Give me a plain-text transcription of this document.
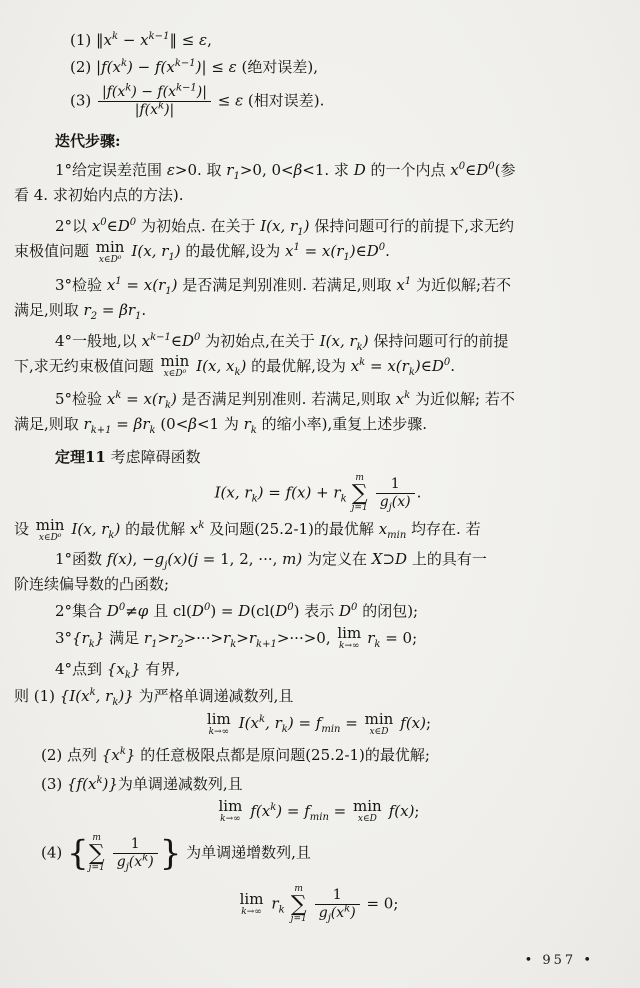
(1) $‖x^k$ − $x^{k-1}‖ \le \varepsilon$,
(2) $|f(x^k) - f(x^{k-1})| \le \varepsilon$ (绝对误差),
$(3) \frac{|f(x^k) - f(x^{k-1})|}{|f(x^k)|} \le \varepsilon$ (相对误差).
迭代步骤:
1°给定误差范围 ε>0. 取 $r_1>0$, 0<β<1. 求 D 的一个内点 $x^0\in D^0$(参
看 4. 求初始内点的方法).
2°以 $x^0\in D^0$ 为初始点. 在关于 I(x, $r_1$) 保持问题可行的前提下,求无约
束极值问题 min
x∈D⁰ I(x, $r_1$) 的最优解,设为 $x^1$ = $x(r_1)\in D^0$.
3°检验 $x^1 = x(r_1)$ 是否满足判别准则. 若满足,则取 $x^1$ 为近似解;若不
满足,则取 $r_2 = \beta r_1$.
4°一般地,以 $x^{k-1}\in D^0$ 为初始点,在关于 I(x, $r_k$) 保持问题可行的前提
下,求无约束极值问题 min
x∈D⁰ I(x, $x_k$) 的最优解,设为 $x^k$ = $x(r_k)\in D^0$.
5°检验 $x^k = x(r_k)$ 是否满足判别准则. 若满足,则取 $x^k$ 为近似解; 若不
满足,则取 $r_{k+1} = \beta r_k$ (0<β<1 为 $r_k$ 的缩小率),重复上述步骤.
定理11 考虑障碍函数
I(x, $r_k) = f(x) + r_k$
m
∑
$j=1 \frac{1}{g_j(x)}$ .
设 min
x∈D⁰ I(x, $r_k$) 的最优解 $x^k$ 及问题(25.2-1)的最优解 $x_{min}$ 均存在. 若
1°函数 f(x), $-g_j(x)(j = 1$, 2, ···, m) 为定义在 X⊃D 上的具有一
阶连续偏导数的凸函数;
2°集合 $D^0\ne\varphi$ 且 $cl(D^0) = D(cl(D^0)$ 表示 $D^0$ 的闭包);
$3^\circ\{r_k\}$ 满足 $r_1>r_2>\cdot\cdot\cdot>r_k>r_{k+1}>\cdot\cdot\cdot>0$, lim
k→∞ $r_k = 0$;
4°点到 $\{x_k\}$ 有界,
则 (1) {$I(x^k$, $r_k$)} 为严格单调递减数列,且
lim
k→∞ $I(x^k$, $r_k) = f_{min} = \min$
x∈D f(x);
(2) 点列 $\{x^k\}$ 的任意极限点都是原问题(25.2-1)的最优解;
(3) $\{f(x^k)\}$为单调递减数列,且
lim
k→∞ $f(x^k) = f_{min} = \min$
x∈D f(x);
(4) { m
∑
$j=1 \frac{1}{g_j(x^k)}$ } 为单调递增数列,且
lim
k→∞ $r_k$
m
∑
$j=1 \frac{1}{g_j(x^k)} = 0$;
• 957 •
